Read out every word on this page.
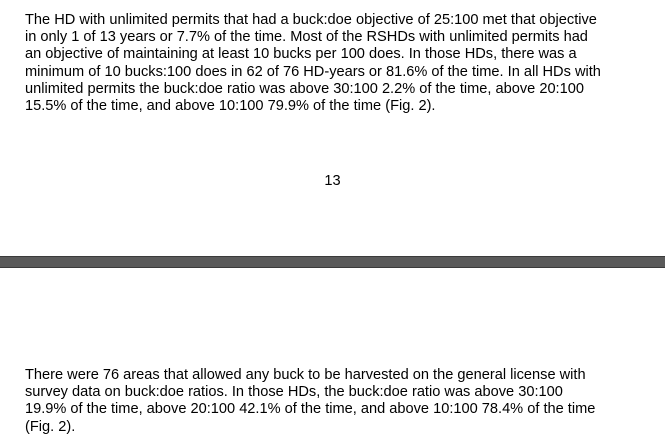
The HD with unlimited permits that had a buck:doe objective of 25:100 met that objective
in only 1 of 13 years or 7.7% of the time. Most of the RSHDs with unlimited permits had
an objective of maintaining at least 10 bucks per 100 does. In those HDs, there was a
minimum of 10 bucks:100 does in 62 of 76 HD-years or 81.6% of the time. In all HDs with
unlimited permits the buck:doe ratio was above 30:100 2.2% of the time, above 20:100
15.5% of the time, and above 10:100 79.9% of the time (Fig. 2).

13

There were 76 areas that allowed any buck to be harvested on the general license with
survey data on buck:doe ratios. In those HDs, the buck:doe ratio was above 30:100
19.9% of the time, above 20:100 42.1% of the time, and above 10:100 78.4% of the time
(Fig. 2).
